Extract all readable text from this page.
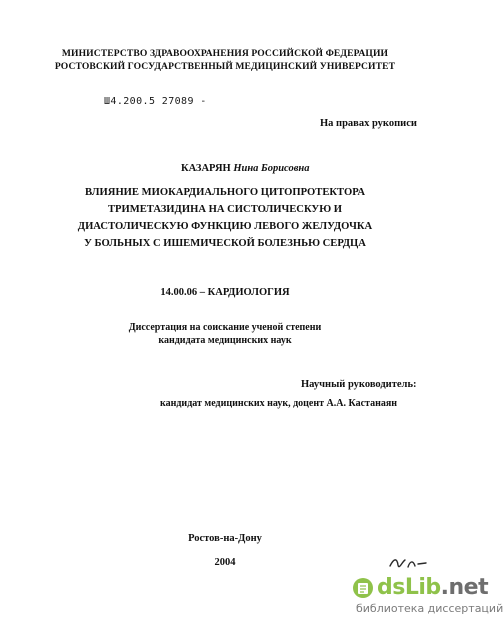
МИНИСТЕРСТВО ЗДРАВООХРАНЕНИЯ РОССИЙСКОЙ ФЕДЕРАЦИИ
РОСТОВСКИЙ ГОСУДАРСТВЕННЫЙ МЕДИЦИНСКИЙ УНИВЕРСИТЕТ
Ш4.200.5 27089 -
На правах рукописи
КАЗАРЯН Нина Борисовна
ВЛИЯНИЕ МИОКАРДИАЛЬНОГО ЦИТОПРОТЕКТОРА
ТРИМЕТАЗИДИНА НА СИСТОЛИЧЕСКУЮ И
ДИАСТОЛИЧЕСКУЮ ФУНКЦИЮ ЛЕВОГО ЖЕЛУДОЧКА
У БОЛЬНЫХ С ИШЕМИЧЕСКОЙ БОЛЕЗНЬЮ СЕРДЦА
14.00.06 – КАРДИОЛОГИЯ
Диссертация на соискание ученой степени
кандидата медицинских наук
Научный руководитель:
кандидат медицинских наук, доцент А.А. Кастанаян
Ростов-на-Дону
2004
dsLib.net
библиотека диссертаций
